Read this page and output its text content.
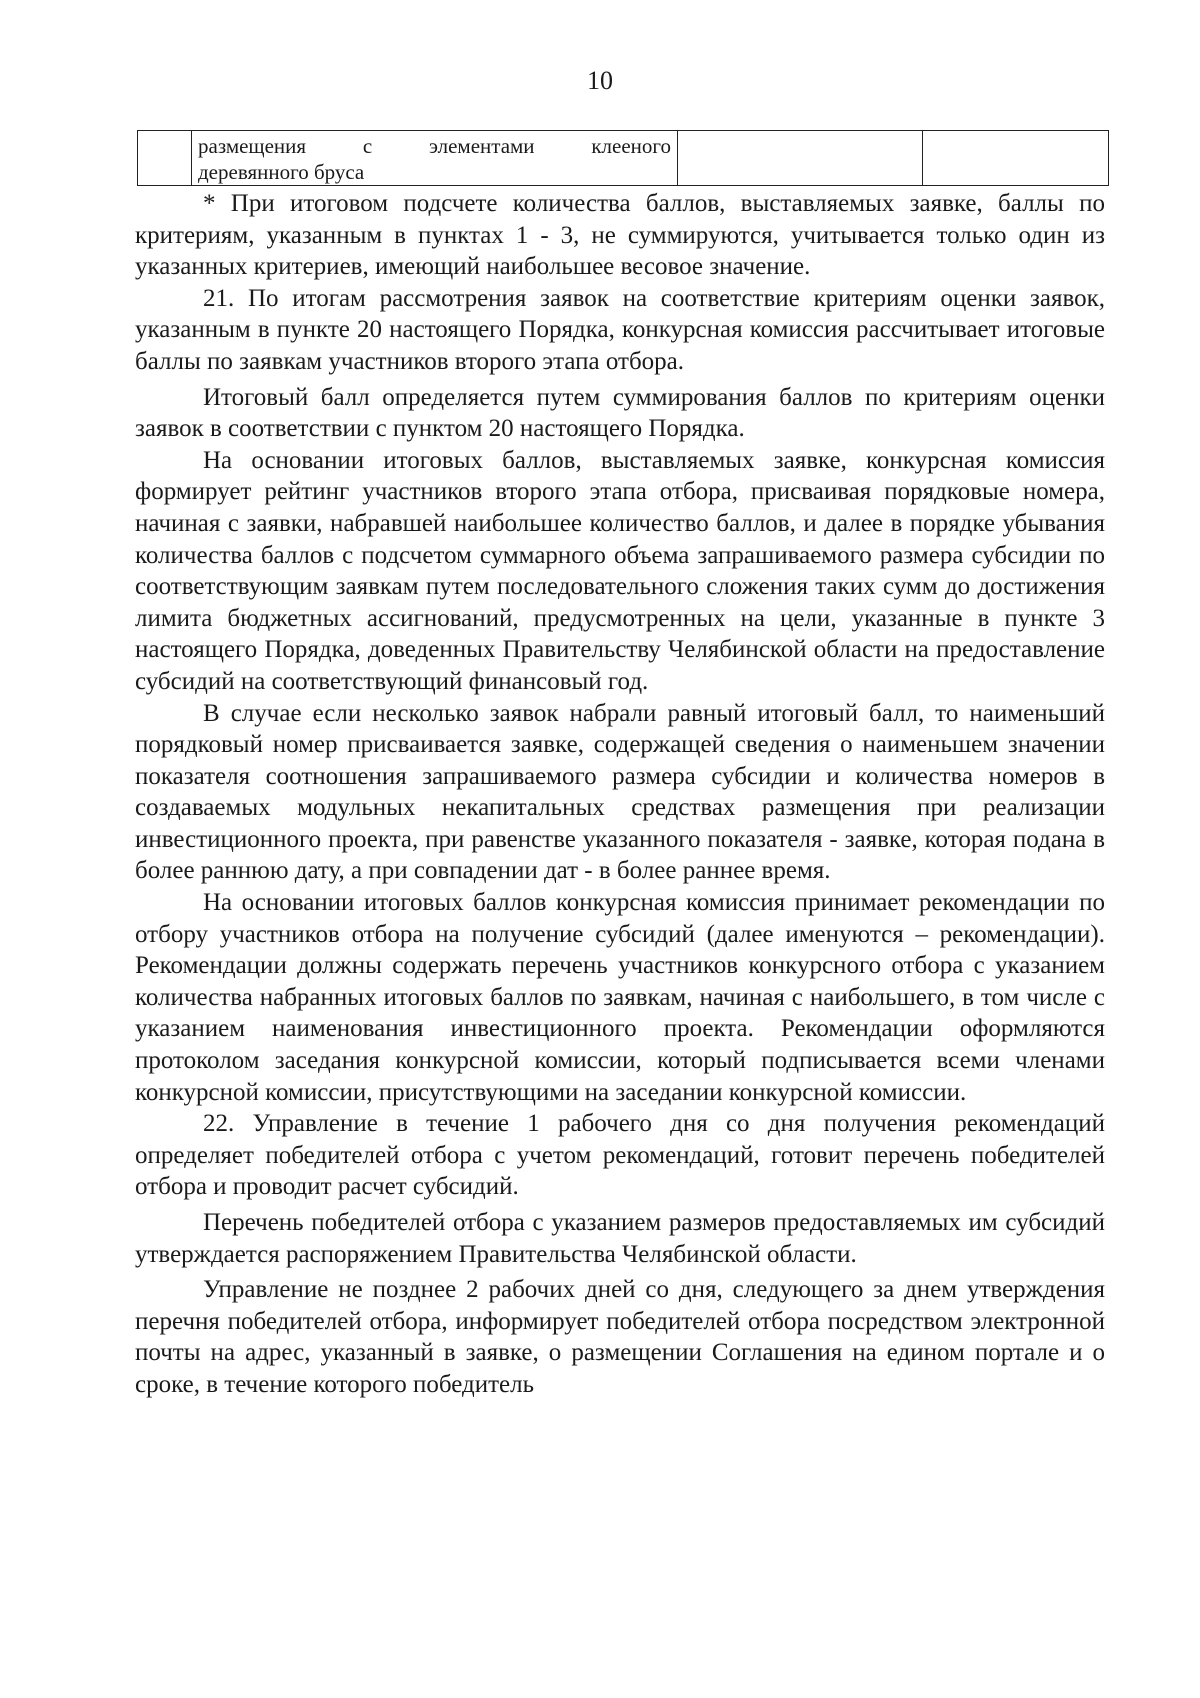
10

размещения с элементами клееного
деревянного бруса

* При итоговом подсчете количества баллов, выставляемых заявке, баллы по критериям, указанным в пунктах 1 - 3, не суммируются, учитывается только один из указанных критериев, имеющий наибольшее весовое значение.

21. По итогам рассмотрения заявок на соответствие критериям оценки заявок, указанным в пункте 20 настоящего Порядка, конкурсная комиссия рассчитывает итоговые баллы по заявкам участников второго этапа отбора.

Итоговый балл определяется путем суммирования баллов по критериям оценки заявок в соответствии с пунктом 20 настоящего Порядка.

На основании итоговых баллов, выставляемых заявке, конкурсная комиссия формирует рейтинг участников второго этапа отбора, присваивая порядковые номера, начиная с заявки, набравшей наибольшее количество баллов, и далее в порядке убывания количества баллов с подсчетом суммарного объема запрашиваемого размера субсидии по соответствующим заявкам путем последовательного сложения таких сумм до достижения лимита бюджетных ассигнований, предусмотренных на цели, указанные в пункте 3 настоящего Порядка, доведенных Правительству Челябинской области на предоставление субсидий на соответствующий финансовый год.

В случае если несколько заявок набрали равный итоговый балл, то наименьший порядковый номер присваивается заявке, содержащей сведения о наименьшем значении показателя соотношения запрашиваемого размера субсидии и количества номеров в создаваемых модульных некапитальных средствах размещения при реализации инвестиционного проекта, при равенстве указанного показателя - заявке, которая подана в более раннюю дату, а при совпадении дат - в более раннее время.

На основании итоговых баллов конкурсная комиссия принимает рекомендации по отбору участников отбора на получение субсидий (далее именуются – рекомендации). Рекомендации должны содержать перечень участников конкурсного отбора с указанием количества набранных итоговых баллов по заявкам, начиная с наибольшего, в том числе с указанием наименования инвестиционного проекта. Рекомендации оформляются протоколом заседания конкурсной комиссии, который подписывается всеми членами конкурсной комиссии, присутствующими на заседании конкурсной комиссии.

22. Управление в течение 1 рабочего дня со дня получения рекомендаций определяет победителей отбора с учетом рекомендаций, готовит перечень победителей отбора и проводит расчет субсидий.

Перечень победителей отбора с указанием размеров предоставляемых им субсидий утверждается распоряжением Правительства Челябинской области.

Управление не позднее 2 рабочих дней со дня, следующего за днем утверждения перечня победителей отбора, информирует победителей отбора посредством электронной почты на адрес, указанный в заявке, о размещении Соглашения на едином портале и о сроке, в течение которого победитель
